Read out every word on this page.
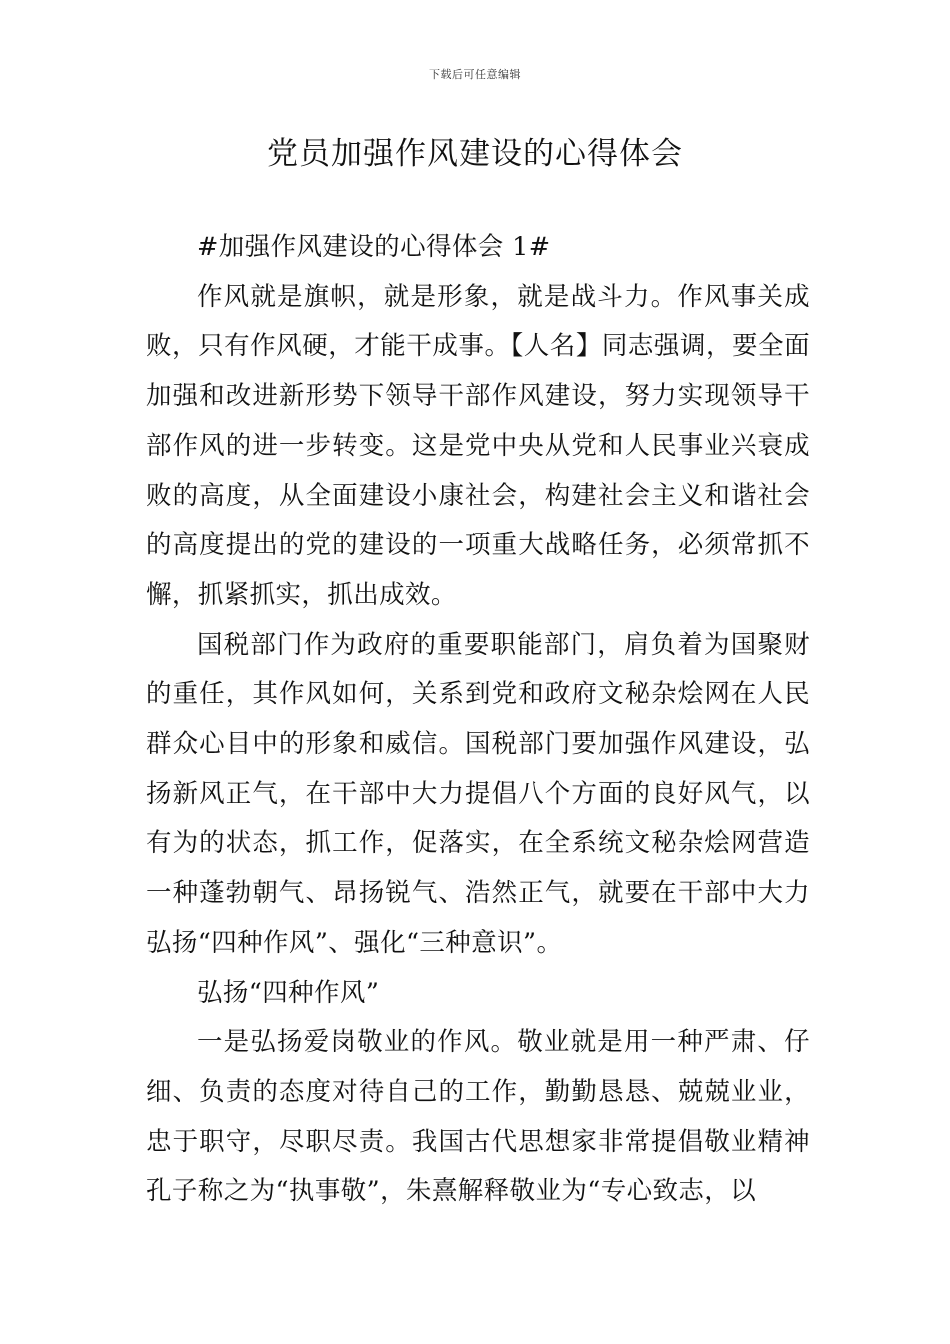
下载后可任意编辑
党员加强作风建设的心得体会

#加强作风建设的心得体会 1#

作风就是旗帜，就是形象，就是战斗力。作风事关成败，只有作风硬，才能干成事。【人名】同志强调，要全面加强和改进新形势下领导干部作风建设，努力实现领导干部作风的进一步转变。这是党中央从党和人民事业兴衰成败的高度，从全面建设小康社会，构建社会主义和谐社会的高度提出的党的建设的一项重大战略任务，必须常抓不懈，抓紧抓实，抓出成效。

国税部门作为政府的重要职能部门，肩负着为国聚财的重任，其作风如何，关系到党和政府文秘杂烩网在人民群众心目中的形象和威信。国税部门要加强作风建设，弘扬新风正气，在干部中大力提倡八个方面的良好风气，以有为的状态，抓工作，促落实，在全系统文秘杂烩网营造一种蓬勃朝气、昂扬锐气、浩然正气，就要在干部中大力弘扬“四种作风”、强化“三种意识”。

弘扬“四种作风”

一是弘扬爱岗敬业的作风。敬业就是用一种严肃、仔细、负责的态度对待自己的工作，勤勤恳恳、兢兢业业，忠于职守，尽职尽责。我国古代思想家非常提倡敬业精神孔子称之为“执事敬”，朱熹解释敬业为“专心致志，以
